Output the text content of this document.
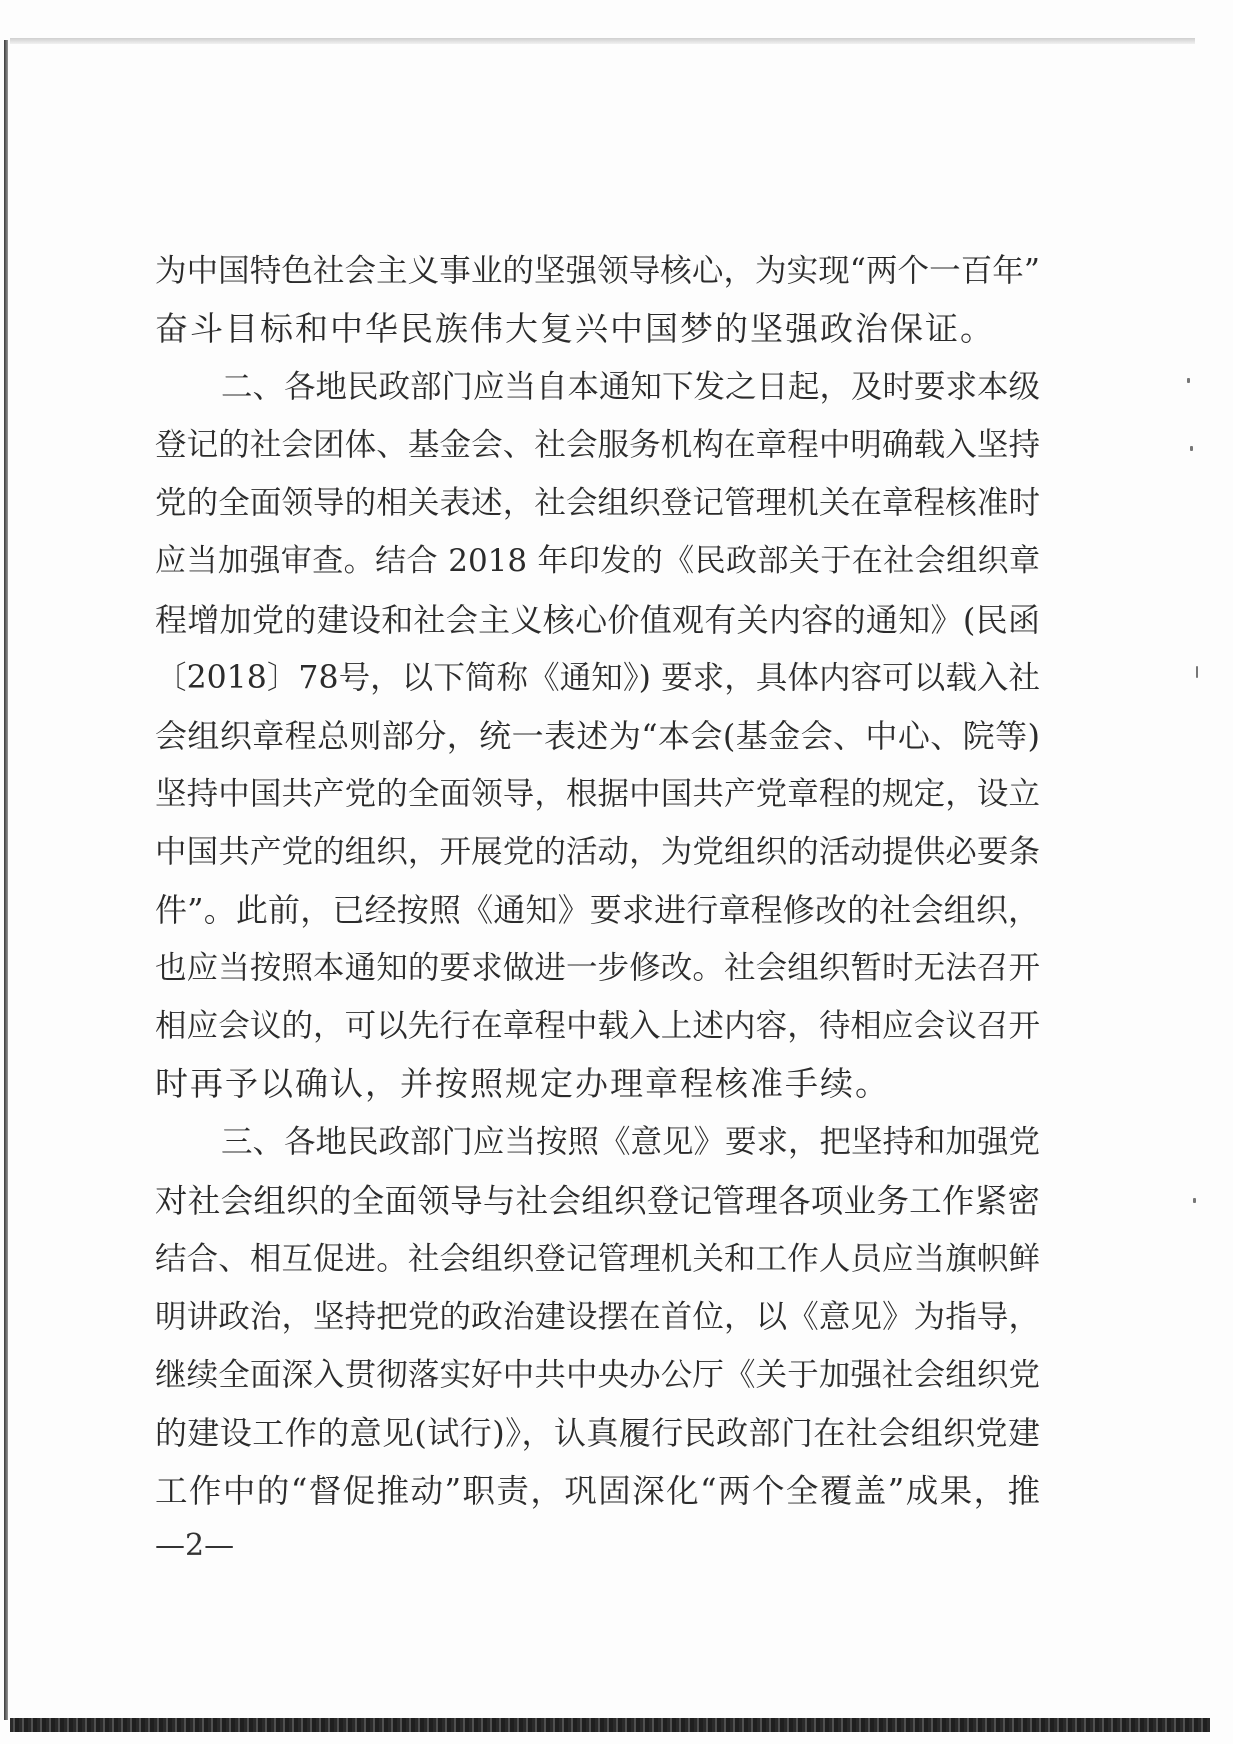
为中国特色社会主义事业的坚强领导核心，为实现“两个一百年”
奋斗目标和中华民族伟大复兴中国梦的坚强政治保证。
二、各地民政部门应当自本通知下发之日起，及时要求本级
登记的社会团体、基金会、社会服务机构在章程中明确载入坚持
党的全面领导的相关表述，社会组织登记管理机关在章程核准时
应当加强审查。结合 2018 年印发的《民政部关于在社会组织章
程增加党的建设和社会主义核心价值观有关内容的通知》(民函
〔2018〕78号，以下简称《通知》) 要求，具体内容可以载入社
会组织章程总则部分，统一表述为“本会(基金会、中心、院等)
坚持中国共产党的全面领导，根据中国共产党章程的规定，设立
中国共产党的组织，开展党的活动，为党组织的活动提供必要条
件”。此前，已经按照《通知》要求进行章程修改的社会组织，
也应当按照本通知的要求做进一步修改。社会组织暂时无法召开
相应会议的，可以先行在章程中载入上述内容，待相应会议召开
时再予以确认，并按照规定办理章程核准手续。
三、各地民政部门应当按照《意见》要求，把坚持和加强党
对社会组织的全面领导与社会组织登记管理各项业务工作紧密
结合、相互促进。社会组织登记管理机关和工作人员应当旗帜鲜
明讲政治，坚持把党的政治建设摆在首位，以《意见》为指导，
继续全面深入贯彻落实好中共中央办公厅《关于加强社会组织党
的建设工作的意见(试行)》，认真履行民政部门在社会组织党建
工作中的“督促推动”职责，巩固深化“两个全覆盖”成果，推
—2—
